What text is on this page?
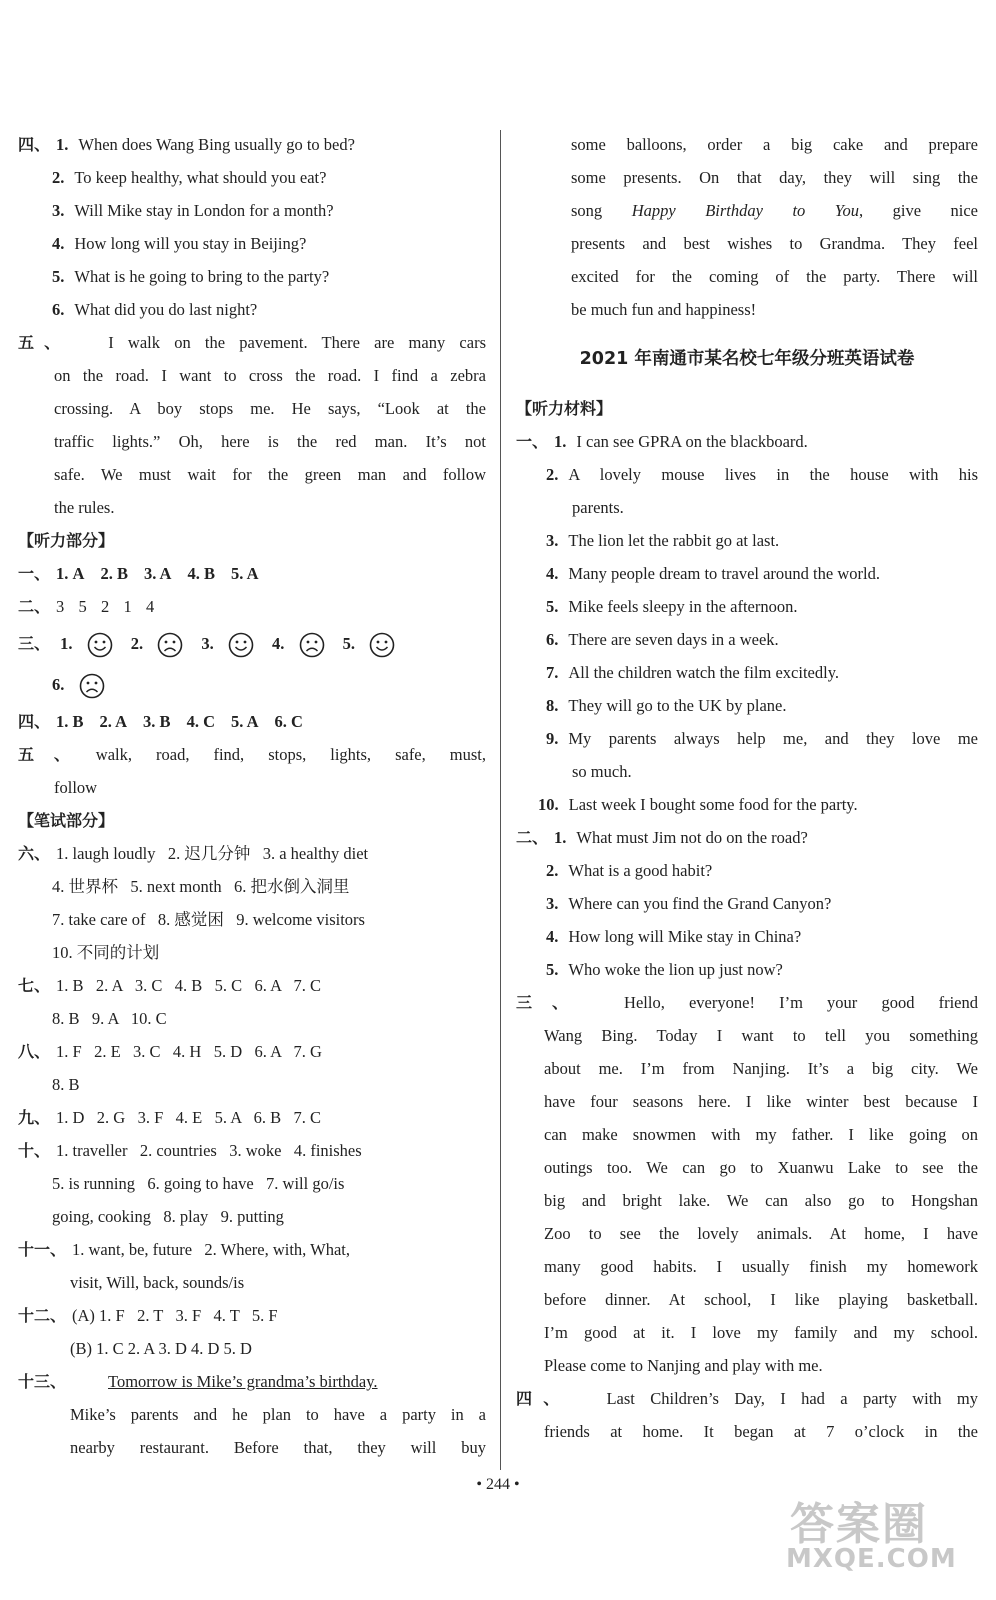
四、 1. When does Wang Bing usually go to bed?
2. To keep healthy, what should you eat?
3. Will Mike stay in London for a month?
4. How long will you stay in Beijing?
5. What is he going to bring to the party?
6. What did you do last night?
五、 I walk on the pavement. There are many cars
on the road. I want to cross the road. I find a zebra
crossing. A boy stops me. He says, “Look at the
traffic lights.” Oh, here is the red man. It’s not
safe. We must wait for the green man and follow
the rules.
【听力部分】
一、 1. A 2. B 3. A 4. B 5. A
二、 3  5  2  1  4
三、 1.	2.	3.	4.	5.
6.
四、 1. B 2. A 3. B 4. C 5. A 6. C
五、 walk, road, find, stops, lights, safe, must,
follow
【笔试部分】
六、 1. laugh loudly   2. 迟几分钟   3. a healthy diet
4. 世界杯   5. next month   6. 把水倒入洞里
7. take care of   8. 感觉困   9. welcome visitors
10. 不同的计划
七、 1. B   2. A   3. C   4. B   5. C   6. A   7. C
8. B   9. A   10. C
八、 1. F   2. E   3. C   4. H   5. D   6. A   7. G
8. B
九、 1. D   2. G   3. F   4. E   5. A   6. B   7. C
十、 1. traveller   2. countries   3. woke   4. finishes
5. is running   6. going to have   7. will go/is
going, cooking   8. play   9. putting
十一、 1. want, be, future   2. Where, with, What,
visit, Will, back, sounds/is
十二、 (A) 1. F   2. T   3. F   4. T   5. F
(B) 1. C 2. A 3. D 4. D 5. D
十三、	Tomorrow is Mike’s grandma’s birthday.
Mike’s parents and he plan to have a party in a
nearby restaurant. Before that, they will buy
some balloons, order a big cake and prepare
some presents. On that day, they will sing the
song Happy Birthday to You, give nice
presents and best wishes to Grandma. They feel
excited for the coming of the party. There will
be much fun and happiness!
2021 年南通市某名校七年级分班英语试卷
【听力材料】
一、 1. I can see GPRA on the blackboard.
2. A lovely mouse lives in the house with his
parents.
3. The lion let the rabbit go at last.
4. Many people dream to travel around the world.
5. Mike feels sleepy in the afternoon.
6. There are seven days in a week.
7. All the children watch the film excitedly.
8. They will go to the UK by plane.
9. My parents always help me, and they love me
so much.
10. Last week I bought some food for the party.
二、 1. What must Jim not do on the road?
2. What is a good habit?
3. Where can you find the Grand Canyon?
4. How long will Mike stay in China?
5. Who woke the lion up just now?
三、 Hello, everyone! I’m your good friend
Wang Bing. Today I want to tell you something
about me. I’m from Nanjing. It’s a big city. We
have four seasons here. I like winter best because I
can make snowmen with my father. I like going on
outings too. We can go to Xuanwu Lake to see the
big and bright lake. We can also go to Hongshan
Zoo to see the lovely animals. At home, I have
many good habits. I usually finish my homework
before dinner. At school, I like playing basketball.
I’m good at it. I love my family and my school.
Please come to Nanjing and play with me.
四、 Last Children’s Day, I had a party with my
friends at home. It began at 7 o’clock in the
• 244 •
答案圈
MXQE.COM
